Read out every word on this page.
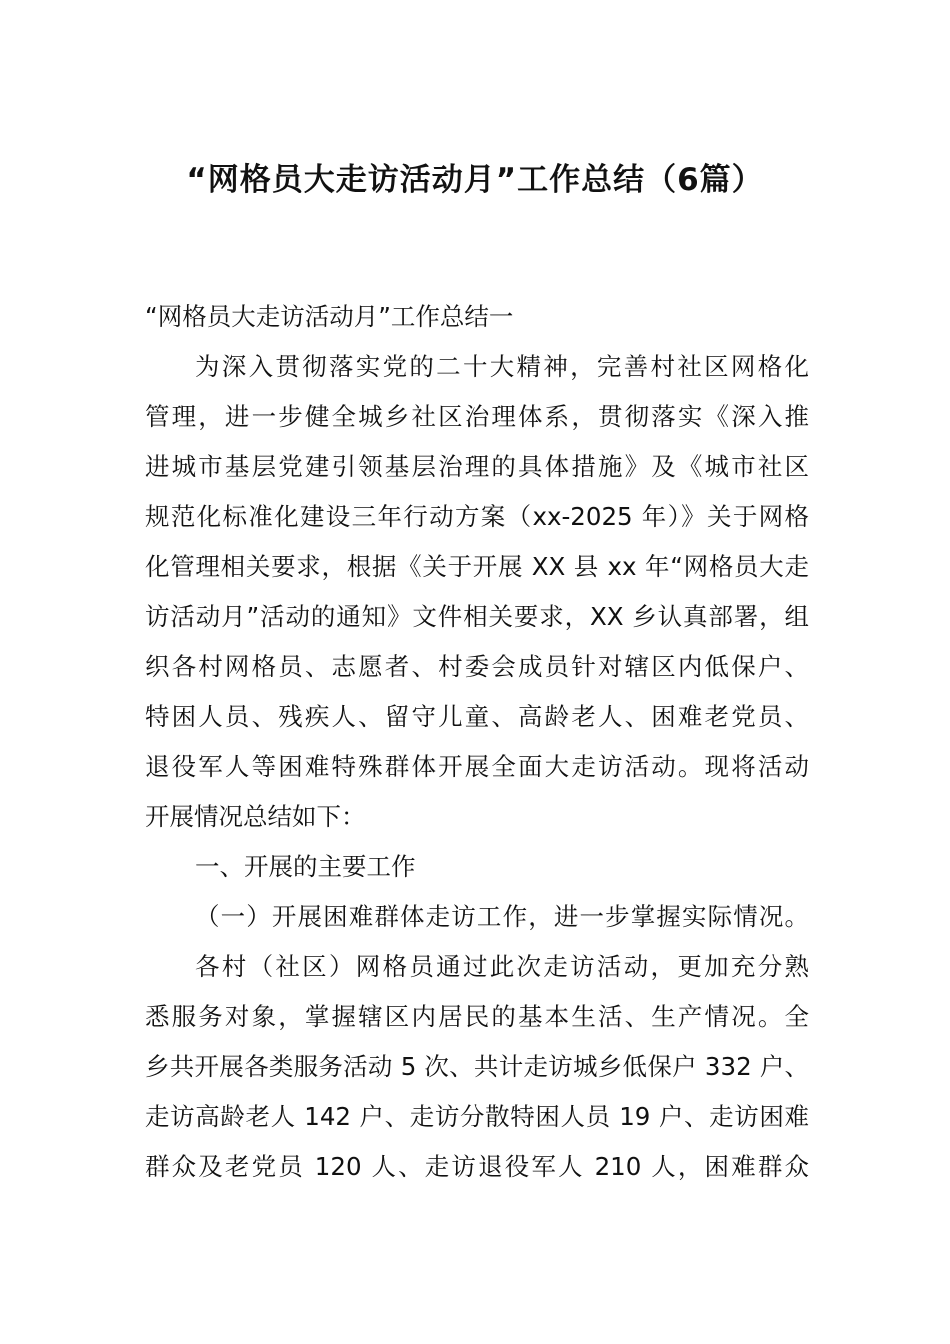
“网格员大走访活动月”工作总结（6篇）
“网格员大走访活动月”工作总结一
为深入贯彻落实党的二十大精神，完善村社区网格化
管理，进一步健全城乡社区治理体系，贯彻落实《深入推
进城市基层党建引领基层治理的具体措施》及《城市社区
规范化标准化建设三年行动方案（xx-2025 年）》关于网格
化管理相关要求，根据《关于开展 XX 县 xx 年“网格员大走
访活动月”活动的通知》文件相关要求，XX 乡认真部署，组
织各村网格员、志愿者、村委会成员针对辖区内低保户、
特困人员、残疾人、留守儿童、高龄老人、困难老党员、
退役军人等困难特殊群体开展全面大走访活动。现将活动
开展情况总结如下：
一、开展的主要工作
（一）开展困难群体走访工作，进一步掌握实际情况。
各村（社区）网格员通过此次走访活动，更加充分熟
悉服务对象，掌握辖区内居民的基本生活、生产情况。全
乡共开展各类服务活动 5 次、共计走访城乡低保户 332 户、
走访高龄老人 142 户、走访分散特困人员 19 户、走访困难
群众及老党员 120 人、走访退役军人 210 人，困难群众
